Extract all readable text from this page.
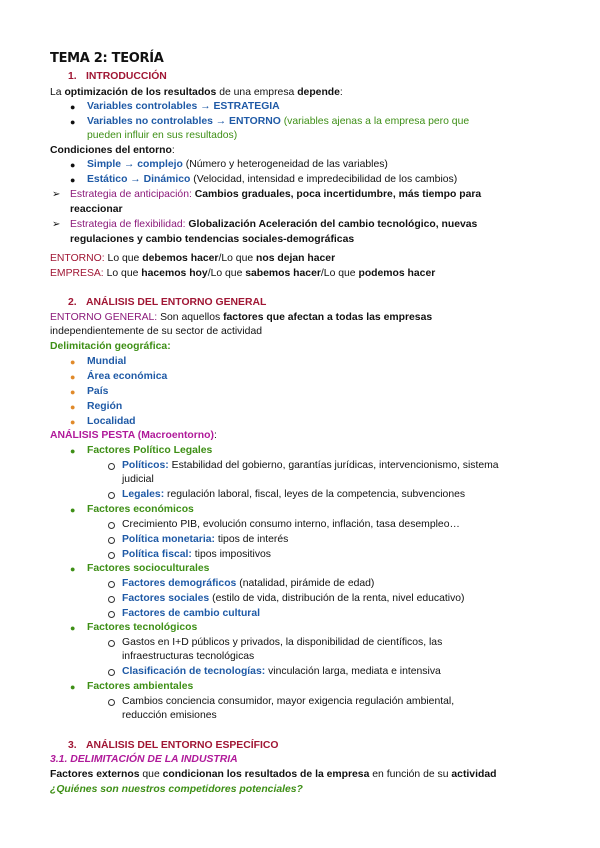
TEMA 2: TEORÍA
1. INTRODUCCIÓN
La optimización de los resultados de una empresa depende:
● Variables controlables → ESTRATEGIA
● Variables no controlables → ENTORNO (variables ajenas a la empresa pero que
pueden influir en sus resultados)
Condiciones del entorno:
● Simple → complejo (Número y heterogeneidad de las variables)
● Estático → Dinámico (Velocidad, intensidad e impredecibilidad de los cambios)
➢ Estrategia de anticipación: Cambios graduales, poca incertidumbre, más tiempo para
reaccionar
➢ Estrategia de flexibilidad: Globalización Aceleración del cambio tecnológico, nuevas
regulaciones y cambio tendencias sociales-demográficas
ENTORNO: Lo que debemos hacer/Lo que nos dejan hacer
EMPRESA: Lo que hacemos hoy/Lo que sabemos hacer/Lo que podemos hacer
2. ANÁLISIS DEL ENTORNO GENERAL
ENTORNO GENERAL: Son aquellos factores que afectan a todas las empresas
independientemente de su sector de actividad
Delimitación geográfica:
● Mundial
● Área económica
● País
● Región
● Localidad
ANÁLISIS PESTA (Macroentorno):
● Factores Político Legales
Políticos: Estabilidad del gobierno, garantías jurídicas, intervencionismo, sistema
judicial
Legales: regulación laboral, fiscal, leyes de la competencia, subvenciones
● Factores económicos
Crecimiento PIB, evolución consumo interno, inflación, tasa desempleo…
Política monetaria: tipos de interés
Política fiscal: tipos impositivos
● Factores socioculturales
Factores demográficos (natalidad, pirámide de edad)
Factores sociales (estilo de vida, distribución de la renta, nivel educativo)
Factores de cambio cultural
● Factores tecnológicos
Gastos en I+D públicos y privados, la disponibilidad de científicos, las
infraestructuras tecnológicas
Clasificación de tecnologías: vinculación larga, mediata e intensiva
● Factores ambientales
Cambios conciencia consumidor, mayor exigencia regulación ambiental,
reducción emisiones
3. ANÁLISIS DEL ENTORNO ESPECÍFICO
3.1. DELIMITACIÓN DE LA INDUSTRIA
Factores externos que condicionan los resultados de la empresa en función de su actividad
¿Quiénes son nuestros competidores potenciales?
